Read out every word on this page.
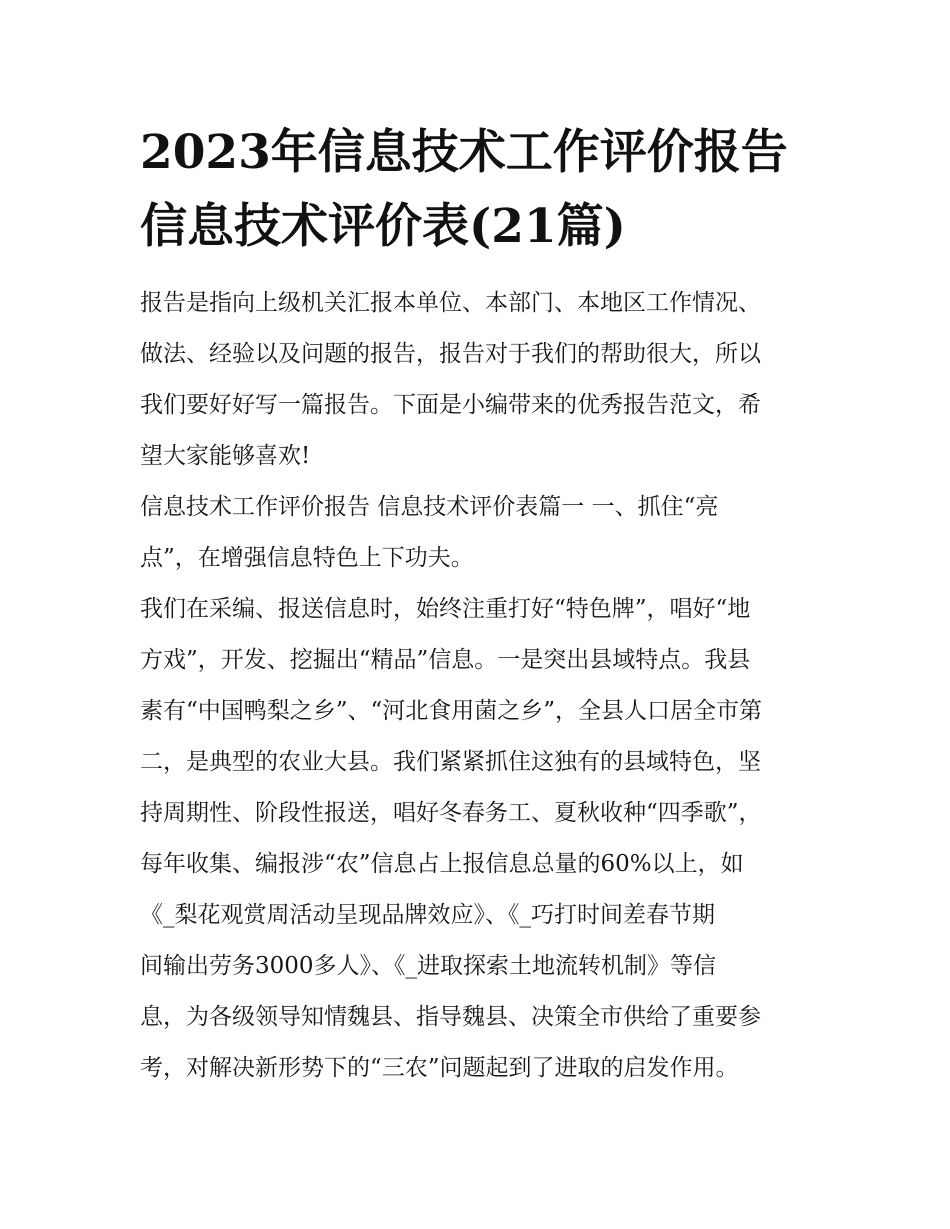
2023年信息技术工作评价报告
信息技术评价表(21篇)
报告是指向上级机关汇报本单位、本部门、本地区工作情况、
做法、经验以及问题的报告，报告对于我们的帮助很大，所以
我们要好好写一篇报告。下面是小编带来的优秀报告范文，希
望大家能够喜欢!
信息技术工作评价报告 信息技术评价表篇一 一、抓住“亮
点”，在增强信息特色上下功夫。
我们在采编、报送信息时，始终注重打好“特色牌”，唱好“地
方戏”，开发、挖掘出“精品”信息。一是突出县域特点。我县
素有“中国鸭梨之乡”、“河北食用菌之乡”，全县人口居全市第
二，是典型的农业大县。我们紧紧抓住这独有的县域特色，坚
持周期性、阶段性报送，唱好冬春务工、夏秋收种“四季歌”，
每年收集、编报涉“农”信息占上报信息总量的60%以上，如
《_梨花观赏周活动呈现品牌效应》、《_巧打时间差春节期
间输出劳务3000多人》、《_进取探索土地流转机制》等信
息，为各级领导知情魏县、指导魏县、决策全市供给了重要参
考，对解决新形势下的“三农”问题起到了进取的启发作用。
